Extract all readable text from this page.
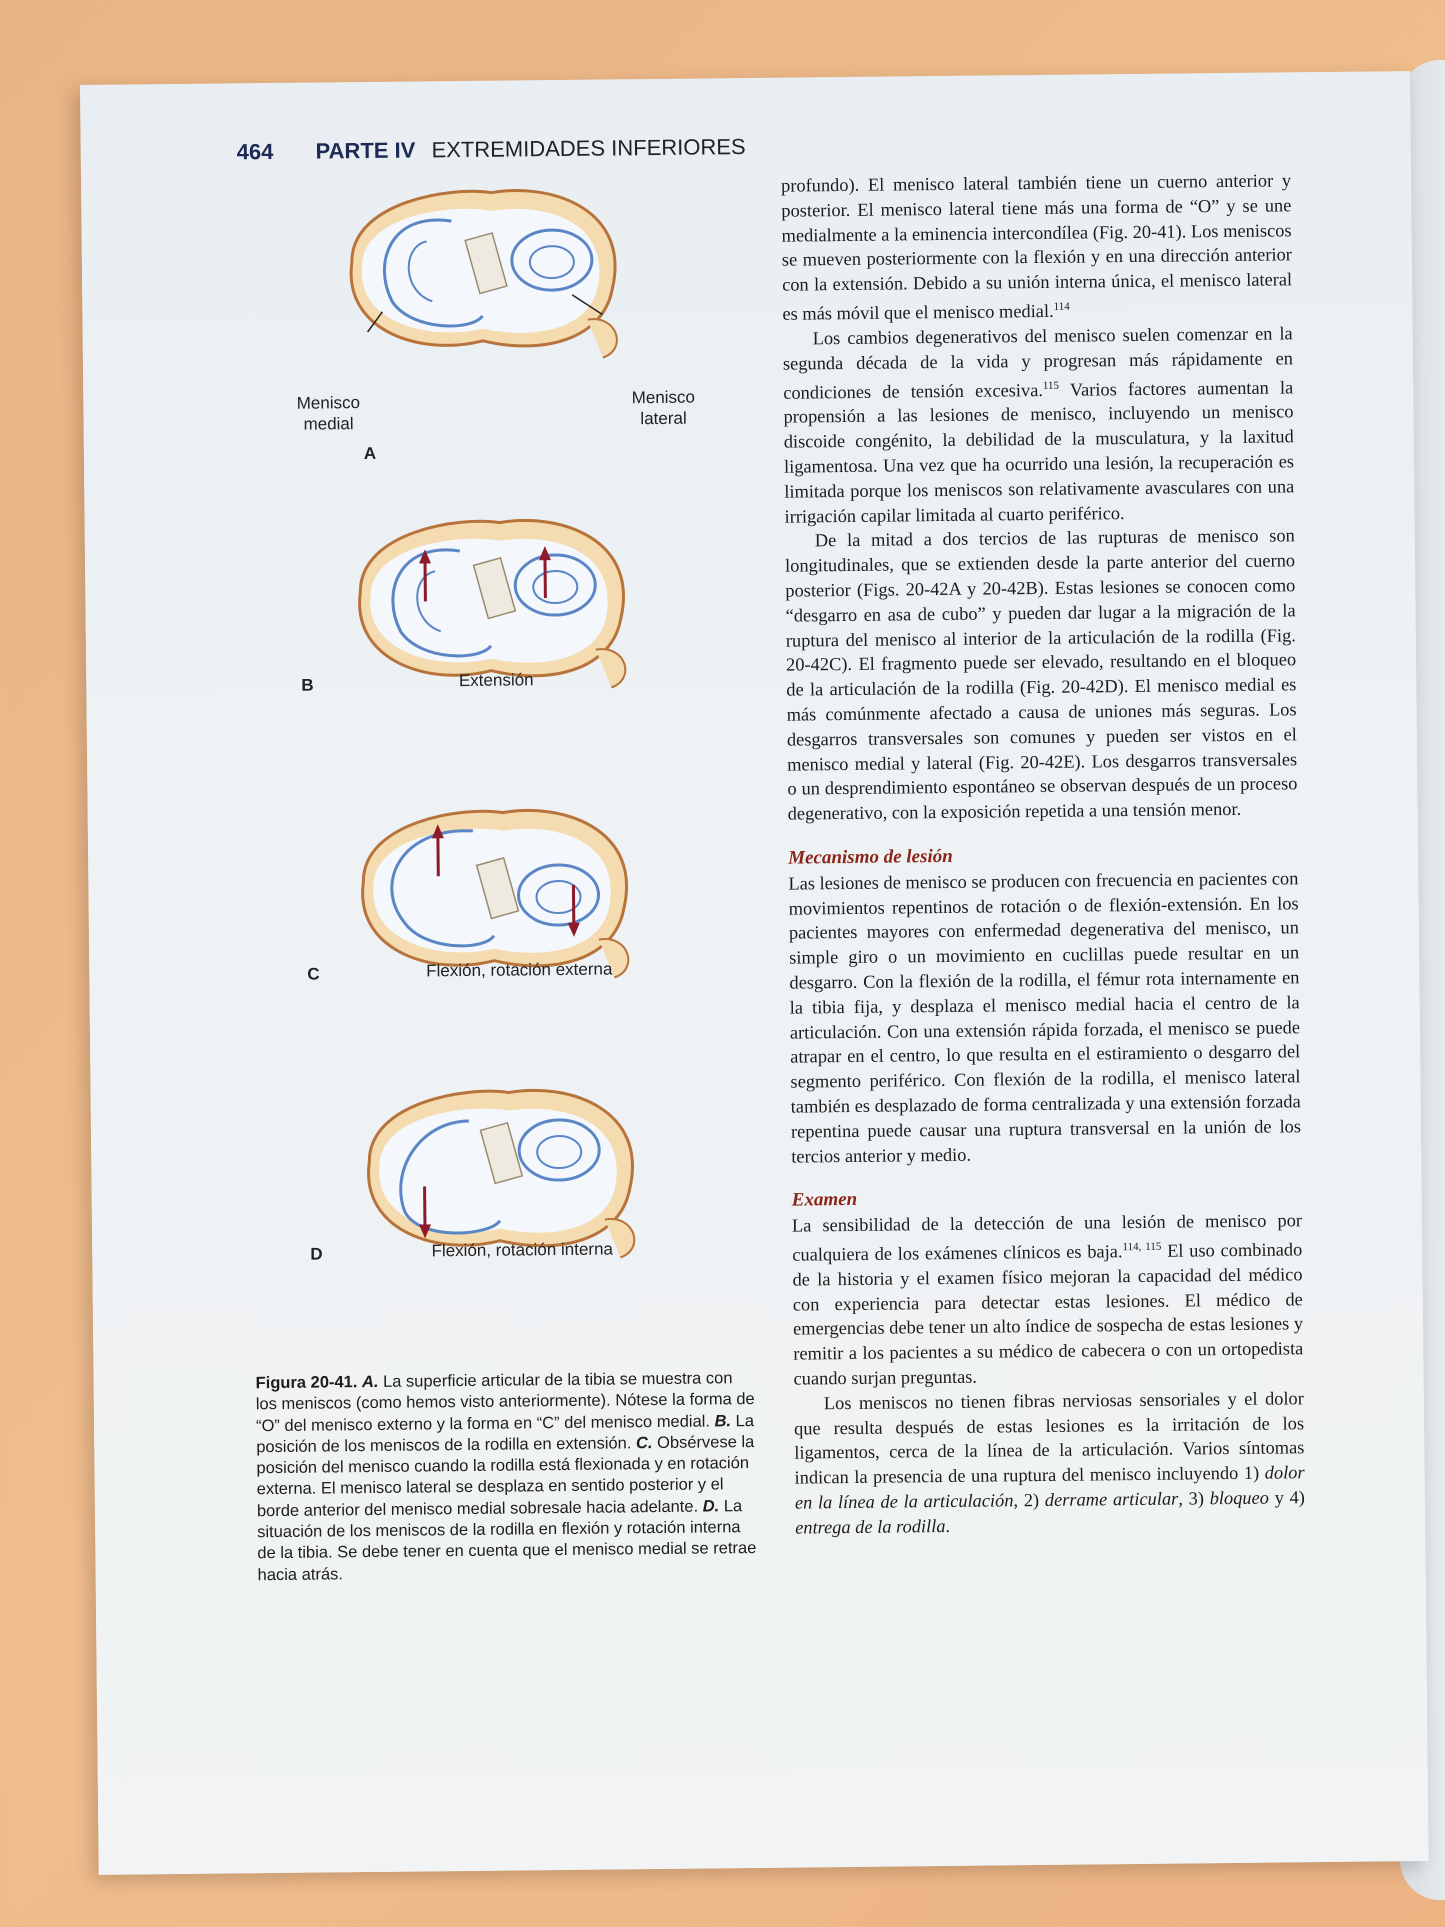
464 PARTE IV EXTREMIDADES INFERIORES
Menisco
medial
Menisco
lateral
A
B	Extensión
C	Flexión, rotación externa
D	Flexión, rotación interna
Figura 20-41. A. La superficie articular de la tibia se muestra con los meniscos (como hemos visto anteriormente). Nótese la forma de “O” del menisco externo y la forma en “C” del menisco medial. B. La posición de los meniscos de la rodilla en extensión. C. Obsérvese la posición del menisco cuando la rodilla está flexionada y en rotación externa. El menisco lateral se desplaza en sentido posterior y el borde anterior del menisco medial sobresale hacia adelante. D. La situación de los meniscos de la rodilla en flexión y rotación interna de la tibia. Se debe tener en cuenta que el menisco medial se retrae hacia atrás.

profundo). El menisco lateral también tiene un cuerno anterior y posterior. El menisco lateral tiene más una forma de “O” y se une medialmente a la eminencia intercondílea (Fig. 20-41). Los meniscos se mueven posteriormente con la flexión y en una dirección anterior con la extensión. Debido a su unión interna única, el menisco lateral es más móvil que el menisco medial.$^{114}$

Los cambios degenerativos del menisco suelen comenzar en la segunda década de la vida y progresan más rápidamente en condiciones de tensión excesiva.$^{115}$ Varios factores aumentan la propensión a las lesiones de menisco, incluyendo un menisco discoide congénito, la debilidad de la musculatura, y la laxitud ligamentosa. Una vez que ha ocurrido una lesión, la recuperación es limitada porque los meniscos son relativamente avasculares con una irrigación capilar limitada al cuarto periférico.

De la mitad a dos tercios de las rupturas de menisco son longitudinales, que se extienden desde la parte anterior del cuerno posterior (Figs. 20-42A y 20-42B). Estas lesiones se conocen como “desgarro en asa de cubo” y pueden dar lugar a la migración de la ruptura del menisco al interior de la articulación de la rodilla (Fig. 20-42C). El fragmento puede ser elevado, resultando en el bloqueo de la articulación de la rodilla (Fig. 20-42D). El menisco medial es más comúnmente afectado a causa de uniones más seguras. Los desgarros transversales son comunes y pueden ser vistos en el menisco medial y lateral (Fig. 20-42E). Los desgarros transversales o un desprendimiento espontáneo se observan después de un proceso degenerativo, con la exposición repetida a una tensión menor.

Mecanismo de lesión

Las lesiones de menisco se producen con frecuencia en pacientes con movimientos repentinos de rotación o de flexión-extensión. En los pacientes mayores con enfermedad degenerativa del menisco, un simple giro o un movimiento en cuclillas puede resultar en un desgarro. Con la flexión de la rodilla, el fémur rota internamente en la tibia fija, y desplaza el menisco medial hacia el centro de la articulación. Con una extensión rápida forzada, el menisco se puede atrapar en el centro, lo que resulta en el estiramiento o desgarro del segmento periférico. Con flexión de la rodilla, el menisco lateral también es desplazado de forma centralizada y una extensión forzada repentina puede causar una ruptura transversal en la unión de los tercios anterior y medio.

Examen

La sensibilidad de la detección de una lesión de menisco por cualquiera de los exámenes clínicos es baja.$^{114, 115}$ El uso combinado de la historia y el examen físico mejoran la capacidad del médico con experiencia para detectar estas lesiones. El médico de emergencias debe tener un alto índice de sospecha de estas lesiones y remitir a los pacientes a su médico de cabecera o con un ortopedista cuando surjan preguntas.

Los meniscos no tienen fibras nerviosas sensoriales y el dolor que resulta después de estas lesiones es la irritación de los ligamentos, cerca de la línea de la articulación. Varios síntomas indican la presencia de una ruptura del menisco incluyendo 1) dolor en la línea de la articulación, 2) derrame articular, 3) bloqueo y 4) entrega de la rodilla.
